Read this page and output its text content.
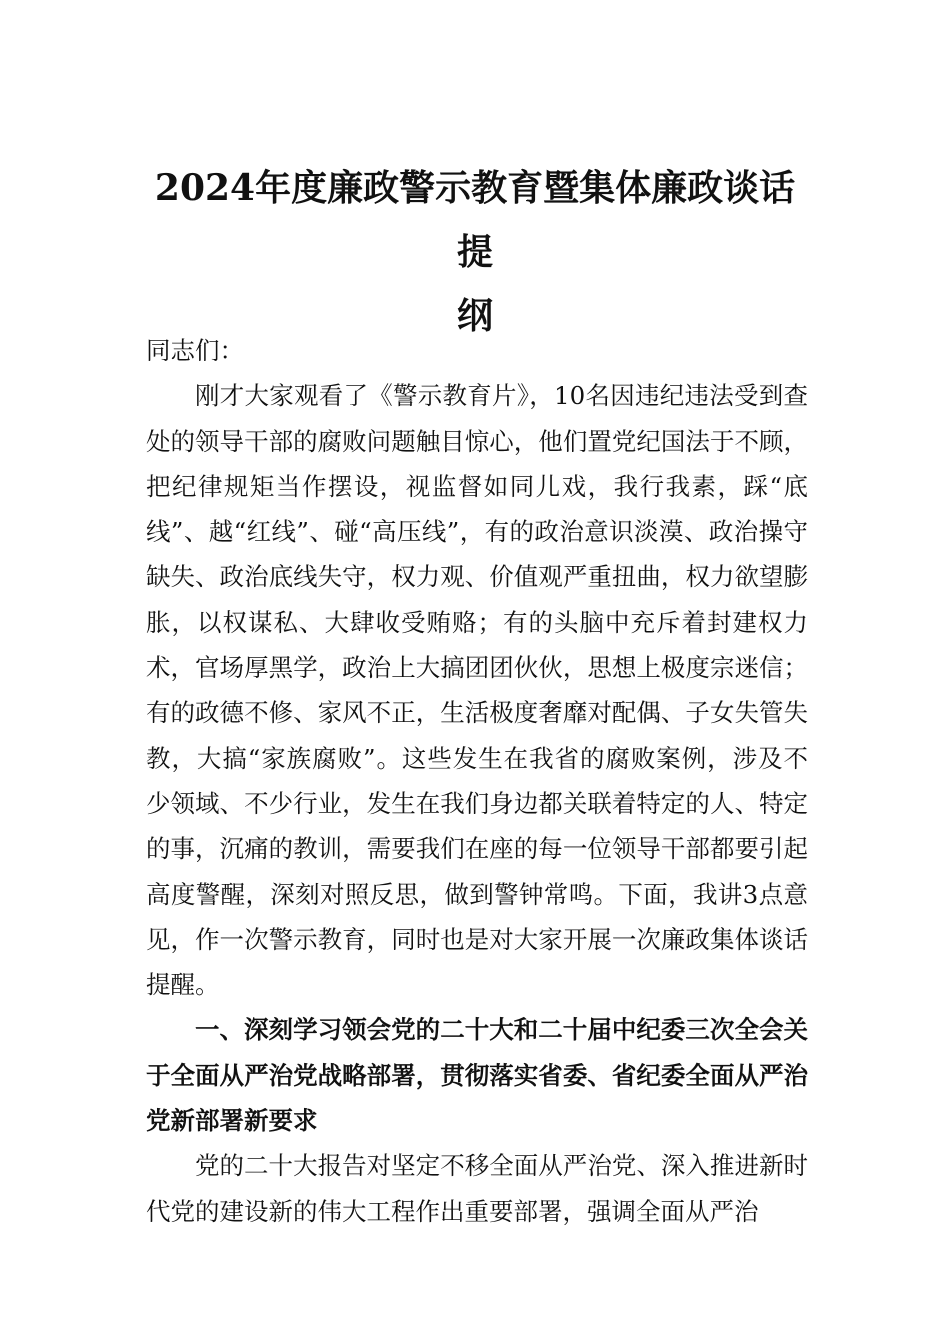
2024年度廉政警示教育暨集体廉政谈话提
纲

同志们：

刚才大家观看了《警示教育片》，10名因违纪违法受到查处的领导干部的腐败问题触目惊心，他们置党纪国法于不顾，把纪律规矩当作摆设，视监督如同儿戏，我行我素，踩“底线”、越“红线”、碰“高压线”，有的政治意识淡漠、政治操守缺失、政治底线失守，权力观、价值观严重扭曲，权力欲望膨胀，以权谋私、大肆收受贿赂；有的头脑中充斥着封建权力术，官场厚黑学，政治上大搞团团伙伙，思想上极度宗迷信；有的政德不修、家风不正，生活极度奢靡对配偶、子女失管失教，大搞“家族腐败”。这些发生在我省的腐败案例，涉及不少领域、不少行业，发生在我们身边都关联着特定的人、特定的事，沉痛的教训，需要我们在座的每一位领导干部都要引起高度警醒，深刻对照反思，做到警钟常鸣。下面，我讲3点意见，作一次警示教育，同时也是对大家开展一次廉政集体谈话提醒。

一、深刻学习领会党的二十大和二十届中纪委三次全会关于全面从严治党战略部署，贯彻落实省委、省纪委全面从严治党新部署新要求

党的二十大报告对坚定不移全面从严治党、深入推进新时代党的建设新的伟大工程作出重要部署，强调全面从严治
